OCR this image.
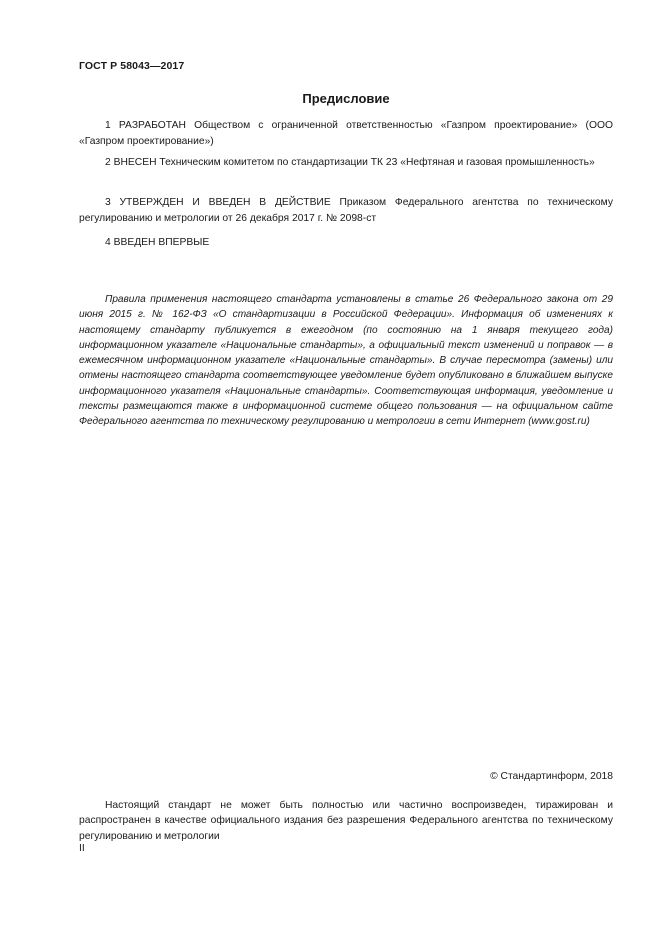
ГОСТ Р 58043—2017
Предисловие

1 РАЗРАБОТАН Обществом с ограниченной ответственностью «Газпром проектирование» (ООО «Газпром проектирование»)

2 ВНЕСЕН Техническим комитетом по стандартизации ТК 23 «Нефтяная и газовая промышленность»

3 УТВЕРЖДЕН И ВВЕДЕН В ДЕЙСТВИЕ Приказом Федерального агентства по техническому регулированию и метрологии от 26 декабря 2017 г. № 2098-ст

4 ВВЕДЕН ВПЕРВЫЕ

Правила применения настоящего стандарта установлены в статье 26 Федерального закона от 29 июня 2015 г. № 162-ФЗ «О стандартизации в Российской Федерации». Информация об изменениях к настоящему стандарту публикуется в ежегодном (по состоянию на 1 января текущего года) информационном указателе «Национальные стандарты», а официальный текст изменений и поправок — в ежемесячном информационном указателе «Национальные стандарты». В случае пересмотра (замены) или отмены настоящего стандарта соответствующее уведомление будет опубликовано в ближайшем выпуске информационного указателя «Национальные стандарты». Соответствующая информация, уведомление и тексты размещаются также в информационной системе общего пользования — на официальном сайте Федерального агентства по техническому регулированию и метрологии в сети Интернет (www.gost.ru)

© Стандартинформ, 2018

Настоящий стандарт не может быть полностью или частично воспроизведен, тиражирован и распространен в качестве официального издания без разрешения Федерального агентства по техническому регулированию и метрологии

II
